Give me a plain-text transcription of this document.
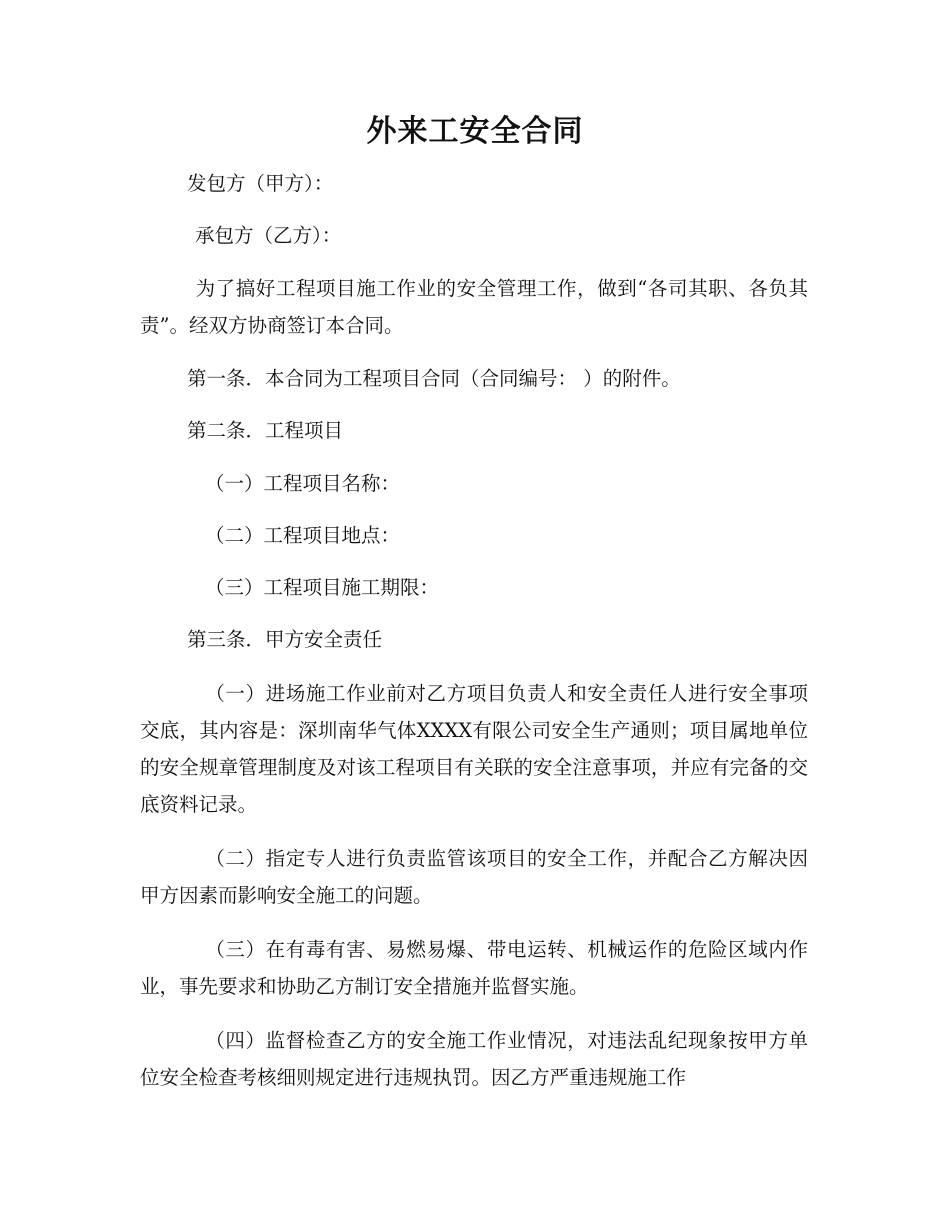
外来工安全合同

发包方（甲方）：

承包方（乙方）：

为了搞好工程项目施工作业的安全管理工作，做到“各司其职、各负其责”。经双方协商签订本合同。

第一条．本合同为工程项目合同（合同编号： ）的附件。

第二条．工程项目

（一）工程项目名称：

（二）工程项目地点：

（三）工程项目施工期限：

第三条．甲方安全责任

（一）进场施工作业前对乙方项目负责人和安全责任人进行安全事项交底，其内容是：深圳南华气体XXXX有限公司安全生产通则；项目属地单位的安全规章管理制度及对该工程项目有关联的安全注意事项，并应有完备的交底资料记录。

（二）指定专人进行负责监管该项目的安全工作，并配合乙方解决因甲方因素而影响安全施工的问题。

（三）在有毒有害、易燃易爆、带电运转、机械运作的危险区域内作业，事先要求和协助乙方制订安全措施并监督实施。

（四）监督检查乙方的安全施工作业情况，对违法乱纪现象按甲方单位安全检查考核细则规定进行违规执罚。因乙方严重违规施工作
